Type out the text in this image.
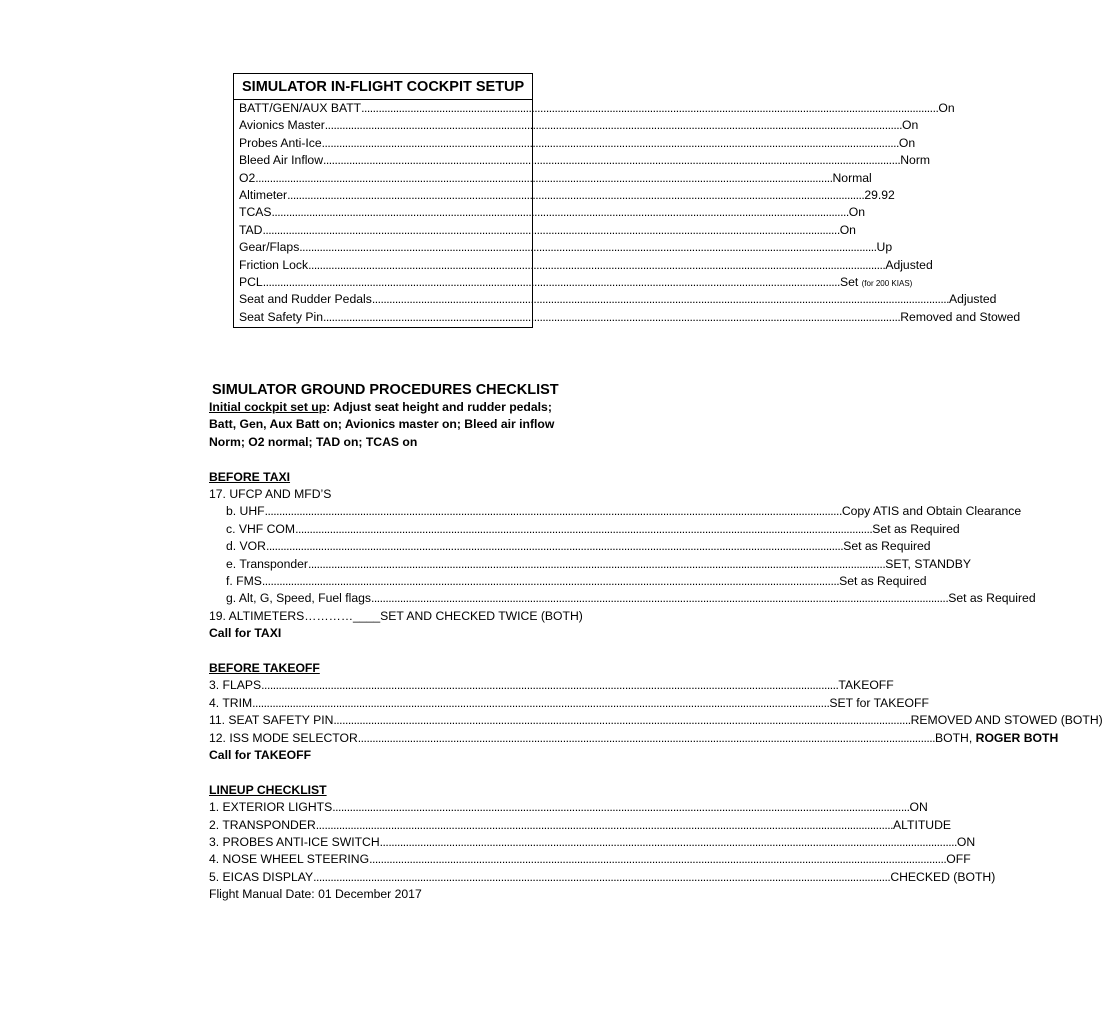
SIMULATOR IN-FLIGHT COCKPIT SETUP
BATT/GEN/AUX BATT ........................................................................................................................................................................................................ On
Avionics Master ........................................................................................................................................................................................................ On
Probes Anti-Ice ........................................................................................................................................................................................................ On
Bleed Air Inflow ........................................................................................................................................................................................................ Norm
O2 ........................................................................................................................................................................................................ Normal
Altimeter ........................................................................................................................................................................................................ 29.92
TCAS ........................................................................................................................................................................................................ On
TAD ........................................................................................................................................................................................................ On
Gear/Flaps ........................................................................................................................................................................................................ Up
Friction Lock ........................................................................................................................................................................................................ Adjusted
PCL ........................................................................................................................................................................................................ Set (for 200 KIAS)
Seat and Rudder Pedals ........................................................................................................................................................................................................ Adjusted
Seat Safety Pin ........................................................................................................................................................................................................ Removed and Stowed
SIMULATOR GROUND PROCEDURES CHECKLIST
Initial cockpit set up: Adjust seat height and rudder pedals;
Batt, Gen, Aux Batt on; Avionics master on; Bleed air inflow
Norm; O2 normal; TAD on; TCAS on
BEFORE TAXI
17. UFCP AND MFD’S
b. UHF ........................................................................................................................................................................................................ Copy ATIS and Obtain Clearance
c. VHF COM ........................................................................................................................................................................................................ Set as Required
d. VOR ........................................................................................................................................................................................................ Set as Required
e. Transponder ........................................................................................................................................................................................................ SET, STANDBY
f. FMS ........................................................................................................................................................................................................ Set as Required
g. Alt, G, Speed, Fuel flags ........................................................................................................................................................................................................ Set as Required
19. ALTIMETERS…………____SET AND CHECKED TWICE (BOTH)
Call for TAXI
BEFORE TAKEOFF
3. FLAPS ........................................................................................................................................................................................................ TAKEOFF
4. TRIM ........................................................................................................................................................................................................ SET for TAKEOFF
11. SEAT SAFETY PIN ........................................................................................................................................................................................................ REMOVED AND STOWED (BOTH)
12. ISS MODE SELECTOR ........................................................................................................................................................................................................ BOTH, ROGER BOTH
Call for TAKEOFF
LINEUP CHECKLIST
1. EXTERIOR LIGHTS ........................................................................................................................................................................................................ ON
2. TRANSPONDER ........................................................................................................................................................................................................ ALTITUDE
3. PROBES ANTI-ICE SWITCH ........................................................................................................................................................................................................ ON
4. NOSE WHEEL STEERING ........................................................................................................................................................................................................ OFF
5. EICAS DISPLAY ........................................................................................................................................................................................................ CHECKED (BOTH)
Flight Manual Date: 01 December 2017
